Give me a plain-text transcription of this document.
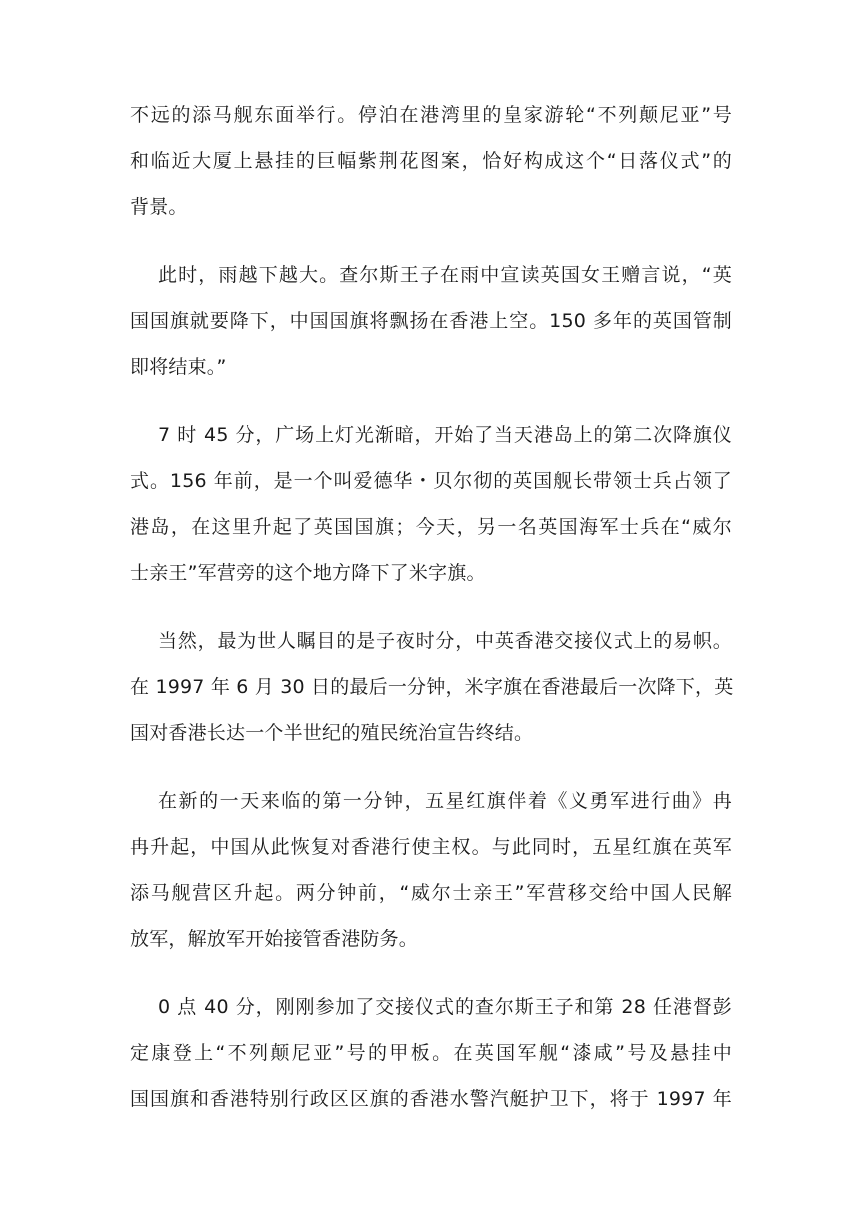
不远的添马舰东面举行。停泊在港湾里的皇家游轮“不列颠尼亚”号
和临近大厦上悬挂的巨幅紫荆花图案，恰好构成这个“日落仪式”的
背景。
此时，雨越下越大。查尔斯王子在雨中宣读英国女王赠言说，“英
国国旗就要降下，中国国旗将飘扬在香港上空。150 多年的英国管制
即将结束。”
7 时 45 分，广场上灯光渐暗，开始了当天港岛上的第二次降旗仪
式。156 年前，是一个叫爱德华・贝尔彻的英国舰长带领士兵占领了
港岛，在这里升起了英国国旗；今天，另一名英国海军士兵在“威尔
士亲王”军营旁的这个地方降下了米字旗。
当然，最为世人瞩目的是子夜时分，中英香港交接仪式上的易帜。
在 1997 年 6 月 30 日的最后一分钟，米字旗在香港最后一次降下，英
国对香港长达一个半世纪的殖民统治宣告终结。
在新的一天来临的第一分钟，五星红旗伴着《义勇军进行曲》冉
冉升起，中国从此恢复对香港行使主权。与此同时，五星红旗在英军
添马舰营区升起。两分钟前，“威尔士亲王”军营移交给中国人民解
放军，解放军开始接管香港防务。
0 点 40 分，刚刚参加了交接仪式的查尔斯王子和第 28 任港督彭
定康登上“不列颠尼亚”号的甲板。在英国军舰“漆咸”号及悬挂中
国国旗和香港特别行政区区旗的香港水警汽艇护卫下，将于 1997 年
